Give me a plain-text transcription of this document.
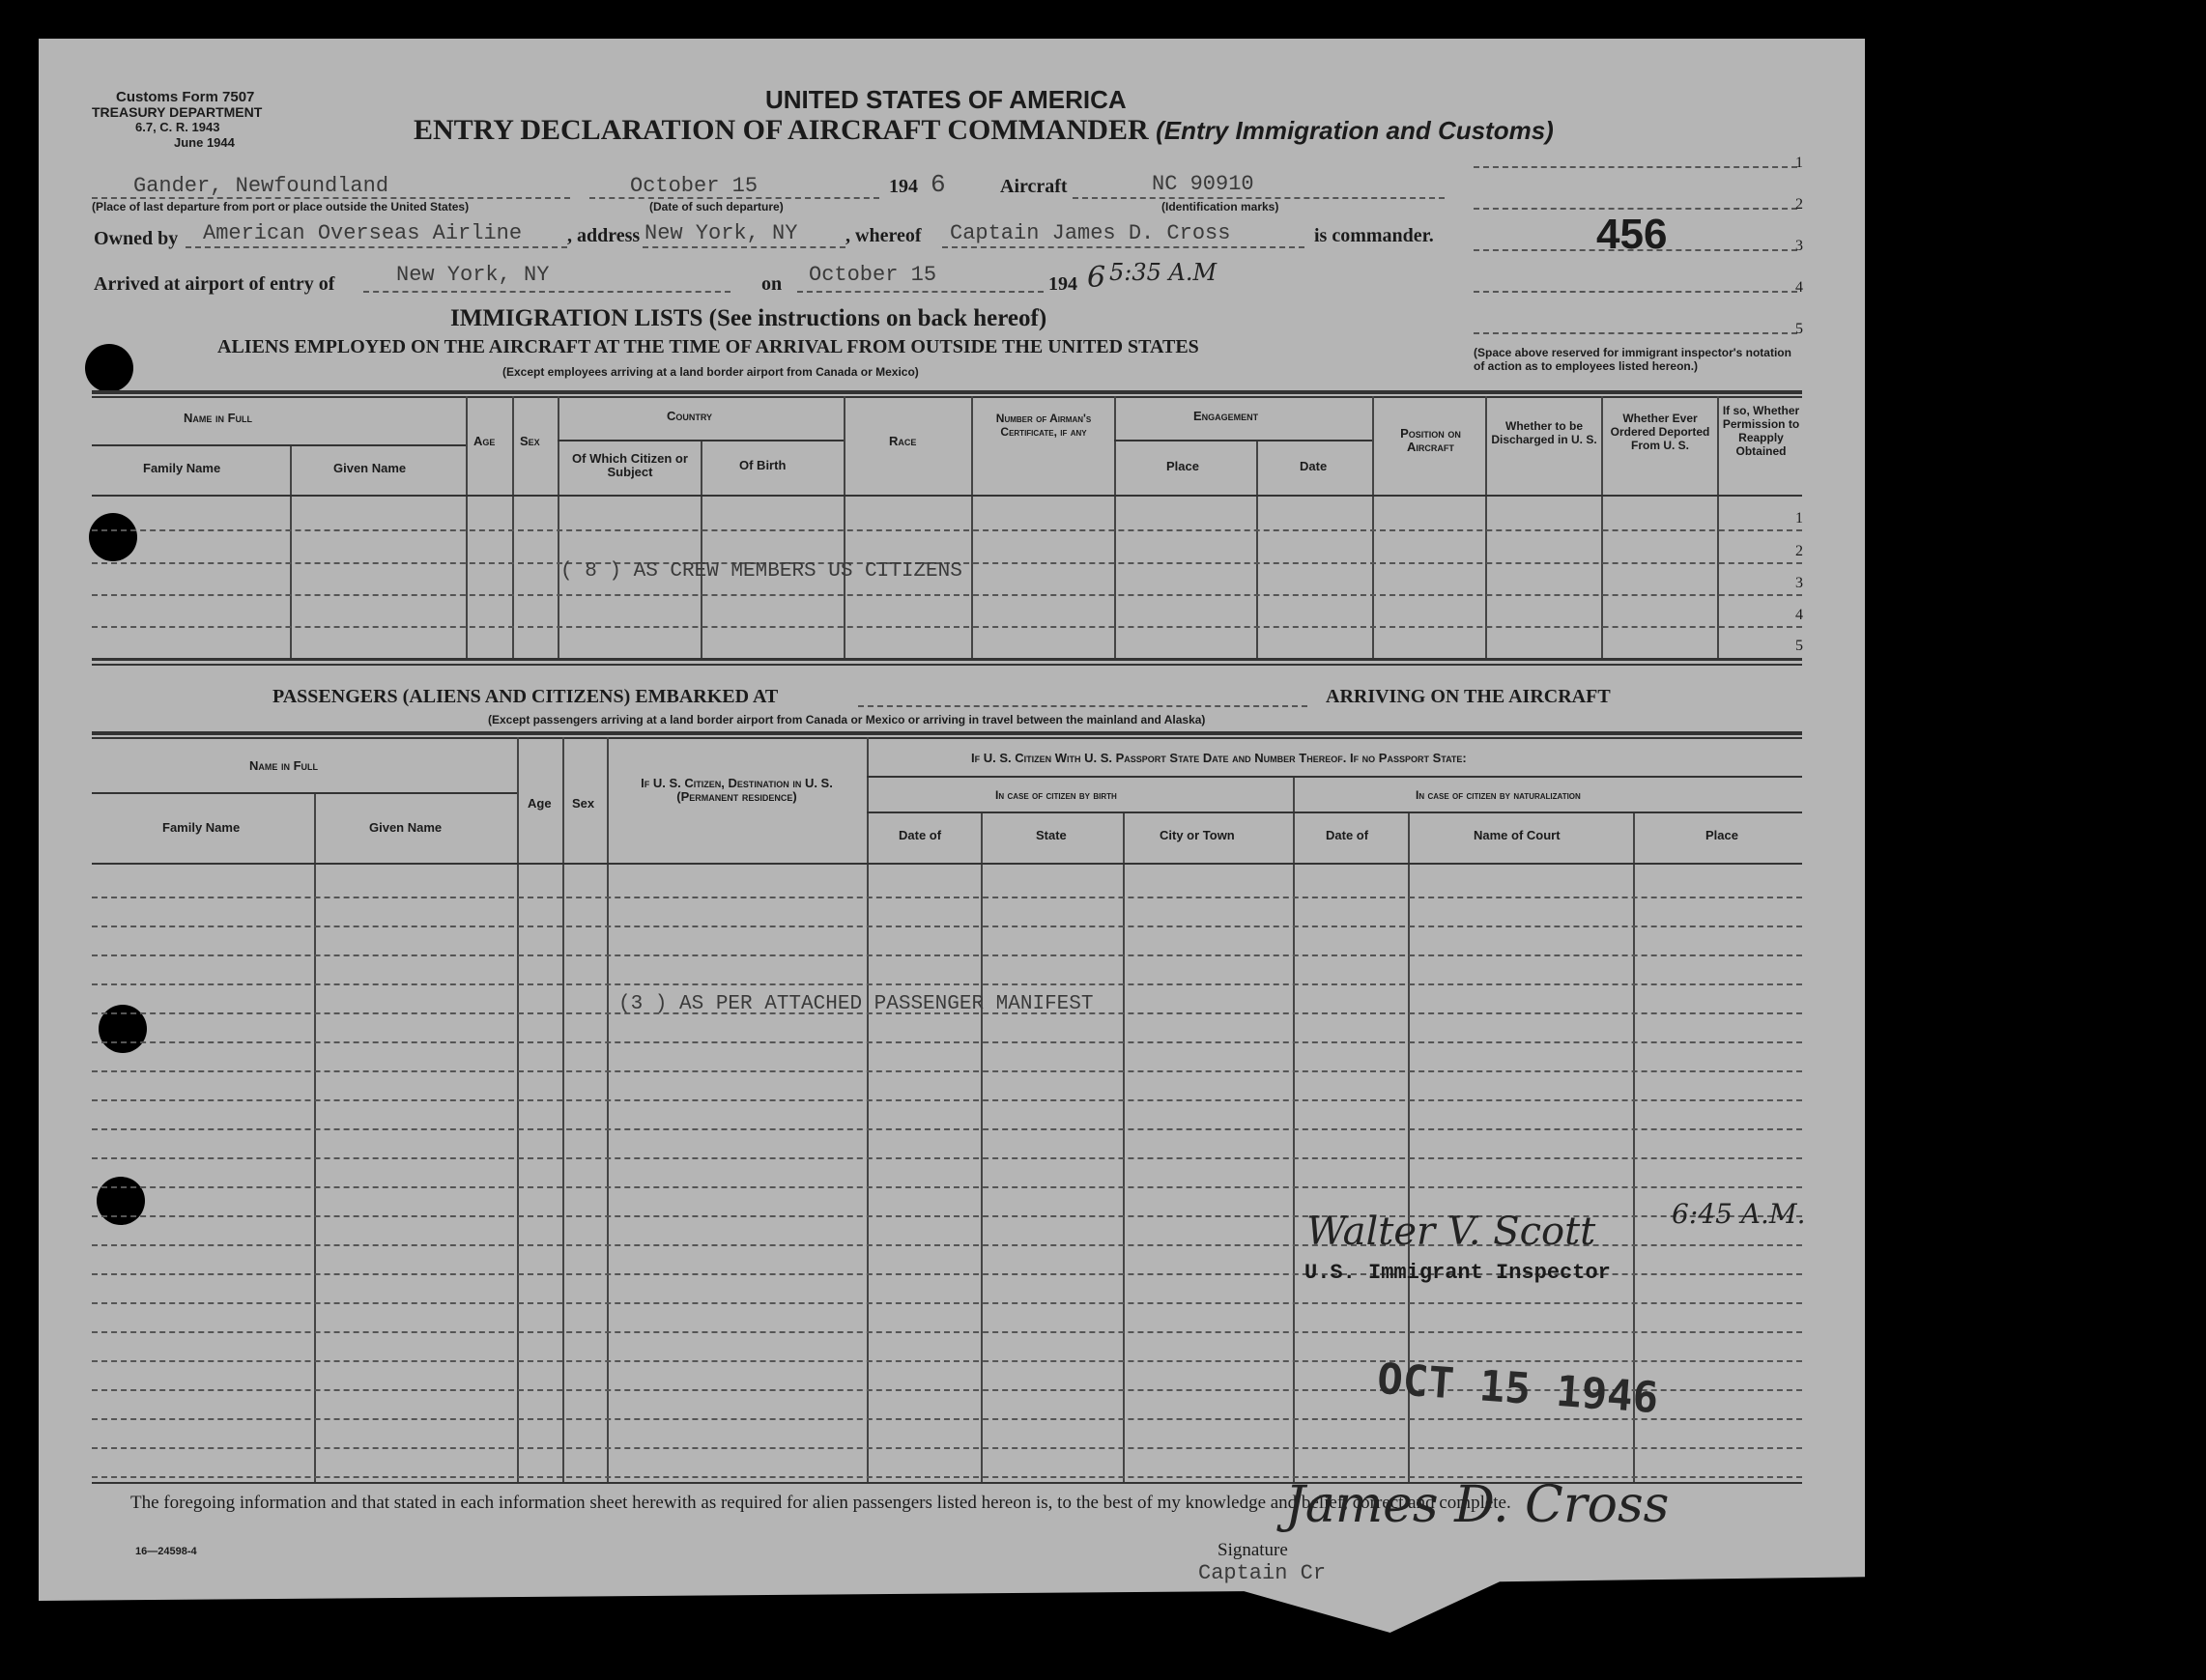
Customs Form 7507
TREASURY DEPARTMENT
6.7, C. R. 1943
June 1944
UNITED STATES OF AMERICA
ENTRY DECLARATION OF AIRCRAFT COMMANDER (Entry Immigration and Customs)
1
2
3
4
5
456
(Space above reserved for immigrant inspector's notation of action as to employees listed hereon.)
Gander, Newfoundland
(Place of last departure from port or place outside the United States)
October 15
(Date of such departure)
194 6	Aircraft	NC 90910
(Identification marks)
Owned by American Overseas Airline , address New York, NY , whereof Captain James D. Cross	is commander.
Arrived at airport of entry of	New York, NY	on October 15	194 6 5:35 A.M
IMMIGRATION LISTS (See instructions on back hereof)
ALIENS EMPLOYED ON THE AIRCRAFT AT THE TIME OF ARRIVAL FROM OUTSIDE THE UNITED STATES
(Except employees arriving at a land border airport from Canada or Mexico)
Name in Full
Family Name	Given Name
Age Sex
Country
Of Which Citizen or Subject	Of Birth
Race
Number of Airman's Certificate, if any
Engagement
Place	Date
Position on Aircraft
Whether to be Discharged in U. S.
Whether Ever Ordered Deported From U. S.
If so, Whether Permission to Reapply Obtained
1
2
3
4
5
( 8 ) AS CREW MEMBERS US CITIZENS
PASSENGERS (ALIENS AND CITIZENS) EMBARKED AT	ARRIVING ON THE AIRCRAFT
(Except passengers arriving at a land border airport from Canada or Mexico or arriving in travel between the mainland and Alaska)
Name in Full
Family Name	Given Name
Age Sex
If U. S. Citizen, Destination in U. S. (Permanent residence)
If U. S. Citizen With U. S. Passport State Date and Number Thereof. If no Passport State:
In case of citizen by birth	In case of citizen by naturalization
Date of	State	City or Town	Date of	Name of Court	Place
(3 ) AS PER ATTACHED PASSENGER MANIFEST
Walter V. Scott	6:45 A.M.
U.S. Immigrant Inspector
OCT 15 1946
The foregoing information and that stated in each information sheet herewith as required for alien passengers listed hereon is, to the best of my knowledge and belief, correct and complete.
16—24598-4	Signature
James D. Cross
Captain Cr
